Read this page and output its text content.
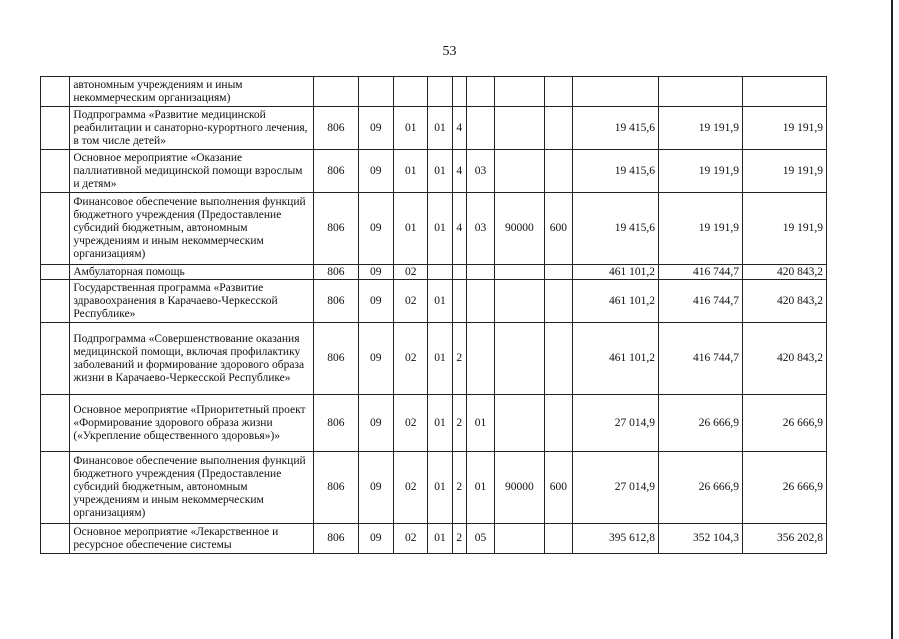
53
	автономным учреждениям и иным некоммерческим организациям)											
	Подпрограмма «Развитие медицинской реабилитации и санаторно-курортного лечения, в том числе детей»	806	09	01	01	4				19 415,6	19 191,9	19 191,9
	Основное мероприятие «Оказание паллиативной медицинской помощи взрослым и детям»	806	09	01	01	4	03			19 415,6	19 191,9	19 191,9
	Финансовое обеспечение выполнения функций бюджетного учреждения (Предоставление субсидий бюджетным, автономным учреждениям и иным некоммерческим организациям)	806	09	01	01	4	03	90000	600	19 415,6	19 191,9	19 191,9
	Амбулаторная помощь	806	09	02						461 101,2	416 744,7	420 843,2
	Государственная программа «Развитие здравоохранения в Карачаево-Черкесской Республике»	806	09	02	01					461 101,2	416 744,7	420 843,2
	Подпрограмма «Совершенствование оказания медицинской помощи, включая профилактику заболеваний и формирование здорового образа жизни в Карачаево-Черкесской Республике»	806	09	02	01	2				461 101,2	416 744,7	420 843,2
	Основное мероприятие «Приоритетный проект «Формирование здорового образа жизни («Укрепление общественного здоровья»)»	806	09	02	01	2	01			27 014,9	26 666,9	26 666,9
	Финансовое обеспечение выполнения функций бюджетного учреждения (Предоставление субсидий бюджетным, автономным учреждениям и иным некоммерческим организациям)	806	09	02	01	2	01	90000	600	27 014,9	26 666,9	26 666,9
	Основное мероприятие «Лекарственное и ресурсное обеспечение системы	806	09	02	01	2	05			395 612,8	352 104,3	356 202,8
